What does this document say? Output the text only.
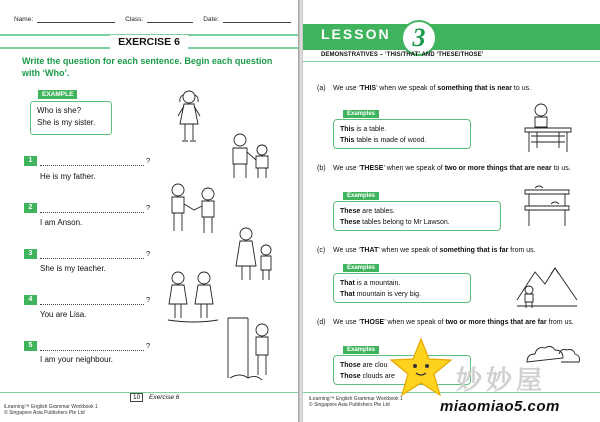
Name:	Class:	Date:
EXERCISE 6
Write the question for each sentence. Begin each question with ‘Who’.
EXAMPLE
Who is she?
She is my sister.
1	?
He is my father.
2	?
I am Anson.
3	?
She is my teacher.
4	?
You are Lisa.
5	?
I am your neighbour.
10 Exercise 6
iLearning™ English Grammar Workbook 1
© Singapore Asia Publishers Pte Ltd
LESSON 3
DEMONSTRATIVES – ‘THIS/THAT’ AND ‘THESE/THOSE’
(a) We use ‘THIS’ when we speak of something that is near to us.
Examples
This is a table.
This table is made of wood.
(b) We use ‘THESE’ when we speak of two or more things that are near to us.
Examples
These are tables.
These tables belong to Mr Lawson.
(c) We use ‘THAT’ when we speak of something that is far from us.
Examples
That is a mountain.
That mountain is very big.
(d) We use ‘THOSE’ when we speak of two or more things that are far from us.
Examples
Those are clou
Those clouds are
iLearning™ English Grammar Workbook 1
© Singapore Asia Publishers Pte Ltd
妙妙屋
miaomiao5.com
